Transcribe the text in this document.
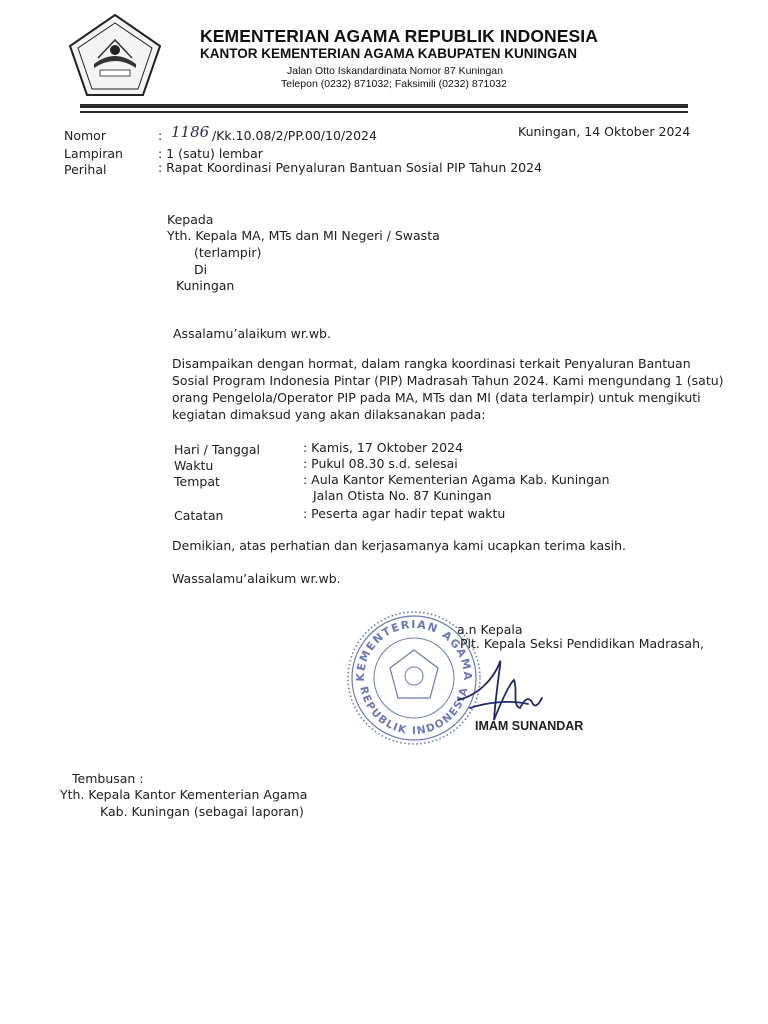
KEMENTERIAN AGAMA REPUBLIK INDONESIA
KANTOR KEMENTERIAN AGAMA KABUPATEN KUNINGAN
Jalan Otto Iskandardinata Nomor 87 Kuningan
Telepon (0232) 871032; Faksimili (0232) 871032
Nomor	: 1186 /Kk.10.08/2/PP.00/10/2024	Kuningan, 14 Oktober 2024
Lampiran	: 1 (satu) lembar
Perihal	: Rapat Koordinasi Penyaluran Bantuan Sosial PIP Tahun 2024
Kepada
Yth. Kepala MA, MTs dan MI Negeri / Swasta
(terlampir)
Di
Kuningan
Assalamu’alaikum wr.wb.
Disampaikan dengan hormat, dalam rangka koordinasi terkait Penyaluran Bantuan
Sosial Program Indonesia Pintar (PIP) Madrasah Tahun 2024. Kami mengundang 1 (satu)
orang Pengelola/Operator PIP pada MA, MTs dan MI (data terlampir) untuk mengikuti
kegiatan dimaksud yang akan dilaksanakan pada:
Hari / Tanggal	: Kamis, 17 Oktober 2024
Waktu	: Pukul 08.30 s.d. selesai
Tempat	: Aula Kantor Kementerian Agama Kab. Kuningan
Jalan Otista No. 87 Kuningan
Catatan	: Peserta agar hadir tepat waktu
Demikian, atas perhatian dan kerjasamanya kami ucapkan terima kasih.
Wassalamu’alaikum wr.wb.
KEMENTERIAN AGAMA
REPUBLIK INDONESIA
a.n Kepala
Plt. Kepala Seksi Pendidikan Madrasah,
IMAM SUNANDAR
Tembusan :
Yth. Kepala Kantor Kementerian Agama
Kab. Kuningan (sebagai laporan)
